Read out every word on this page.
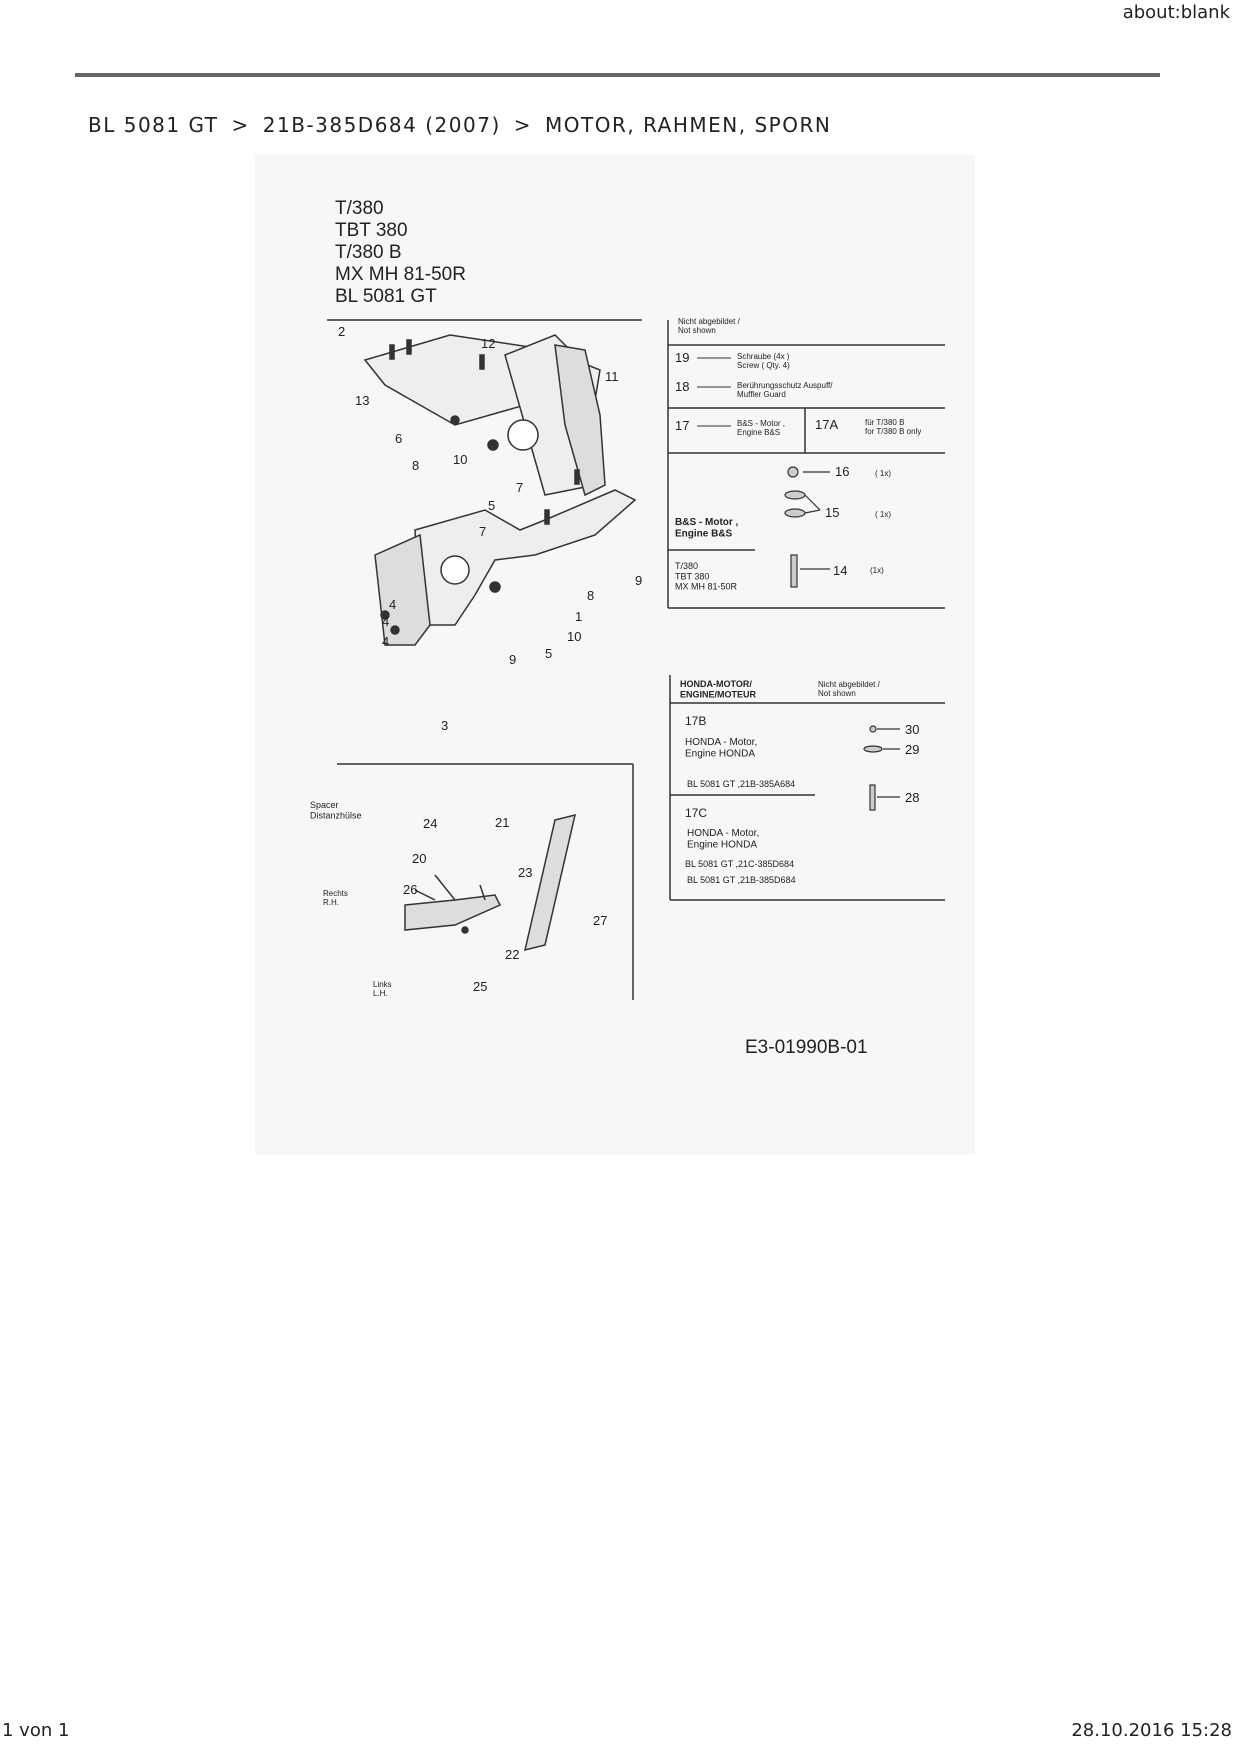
about:blank
BL 5081 GT > 21B-385D684 (2007) > MOTOR, RAHMEN, SPORN
T/380
TBT 380
T/380 B
MX MH 81-50R
BL 5081 GT
2
12
11
13
6
8	10
5
7
7
9
8
1
10
4
4
4
9 5
3
Nicht abgebildet / Not shown
19	Schraube (4x ) Screw ( Qty. 4)
18	Berührungsschutz Auspuff/ Muffler Guard
17	B&S - Motor , Engine B&S
17A	für T/380 B for T/380 B only
16	( 1x)
15	( 1x)
14	(1x)
B&S - Motor , Engine B&S
T/380 TBT 380 MX MH 81-50R
HONDA-MOTOR/ ENGINE/MOTEUR
Nicht abgebildet / Not shown
17B
HONDA - Motor, Engine HONDA
BL 5081 GT ,21B-385A684
17C
HONDA - Motor, Engine HONDA
BL 5081 GT ,21C-385D684
BL 5081 GT ,21B-385D684
30
29
28
Spacer Distanzhülse
Rechts R.H.
Links L.H.
24	21
20
23
26
22
25
27
E3-01990B-01
1 von 1	28.10.2016 15:28
